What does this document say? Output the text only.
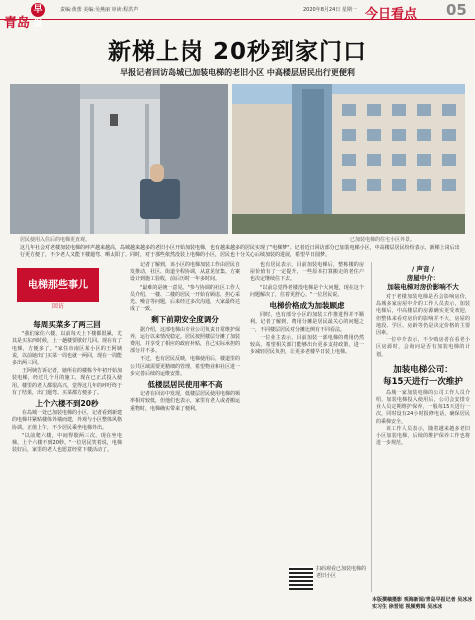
青岛早报
责编:黄蕾 美编:吴燕丽 审读:程洪声	2020年8月24日 星期一 今日看点 05
新梯上岗 20秒到家门口
早报记者回访岛城已加装电梯的老旧小区 中高楼层居民出行更便利
居民使用入住后的电梯更直观。	已加装电梯的住宅小区外景。
这几年社会对老楼加装电梯的呼声越来越高，岛城越来越多的老旧小区开始加装电梯，也有越来越多的居民实现了"电梯梦"。记者近日回访部分已加装电梯小区，中高楼层居民纷纷表示，新梯上岗后出行更方便了，不少老人又能下楼遛弯、晒太阳了。同时，对于那些依然没装上电梯的小区，居民也十分关心后续加装的进展，希望早日圆梦。
电梯那些事儿
回访
每周买菜多了两三回

"我们家住六楼，以前每天上下楼都很累，尤其是买东西时候，上一趟楼要歇好几回。现在有了电梯，方便多了。"家住市南区某小区的王阿姨说，以前她出门买菜一周也就一两回，现在一周能多出两三回。

王阿姨告诉记者，她所在的楼栋今年初开始加装电梯，经过几个月的施工，现在已正式投入使用。楼里的老人都很高兴，觉得这几年的呼吁终于有了结果，出门遛弯、买菜都方便多了。

上个六楼不到20秒

在岛城一处已加装电梯的小区，记者看到新建的电梯井紧贴楼体外墙而建，外观与小区整体风格协调。正值上午，不少居民乘坐电梯外出。

"以前爬六楼，中间得歇两三次，现在坐电梯，上个六楼不到20秒。"一位居民笑着说，电梯装好后，家里的老人也愿意经常下楼活动了。

记者了解到，该小区的电梯加装工作由居民自发推动，社区、街道全程协调，从意见征集、方案设计到施工验收，前后历时一年多时间。

"最难的是统一意见。"参与协调的社区工作人员介绍，一楼、二楼的居民一开始有顾虑，担心采光、噪音等问题，后来经过多次沟通，大家最终达成了一致。

剩下前期安全度调分

据介绍，这部电梯由专业公司负责日常维护保养，运行以来情况稳定。居民按照楼层分摊了加装费用，并享受了相应的政府补贴，自己实际承担的部分并不多。

不过，也有居民反映，电梯使用后，楼道里的公共区域需要更精细的管理，希望物业和社区进一步完善后续的运维安排。

低楼层居民使用率不高

记者在回访中发现，低楼层居民使用电梯的频率相对较低，但他们也表示，家里有老人或者搬运重物时，电梯确实带来了便利。

也有居民表示，目前加装电梯后，整栋楼的房屋价值有了一定提升，一些原本打算搬走的老住户也决定继续住下去。

"以前总觉得老楼没电梯是个大问题，现在这个问题解决了，住着更舒心。"一位居民说。

电梯价格成为加装顾虑

同时，也有部分小区的加装工作推进得并不顺利。记者了解到，费用分摊是居民最关心的问题之一，不同楼层居民对分摊比例有不同看法。

一位业主表示，目前加装一部电梯的费用仍然较高，希望相关部门能够出台更多支持政策，进一步减轻居民负担，让更多老楼早日装上电梯。

扫码观看已加装电梯的老旧小区
/ 声音 /
房屋中介：
加装电梯对房价影响不大
对于老楼加装电梯是否会影响房价，岛城多家房屋中介的工作人员表示，加装电梯后，中高楼层的房源确实更受欢迎，但整体来看对房价的影响并不大，房屋的地段、学区、房龄等仍是决定价格的主要因素。
一位中介表示，不少购房者在看老小区房源时，会询问是否有加装电梯的计划。
加装电梯公司：
每15天进行一次维护
岛城一家加装电梯的公司工作人员介绍，加装电梯投入使用后，公司会安排专业人员定期维护保养，一般每15天进行一次，同时设有24小时报修电话，确保居民的乘梯安全。
该工作人员表示，随着越来越多老旧小区加装电梯，后续的维护保养工作也将进一步规范。
本版撰稿摄影 观海新闻/青岛早报记者 吴冰冰 实习生 徐晋旭 视频剪辑 吴冰冰
